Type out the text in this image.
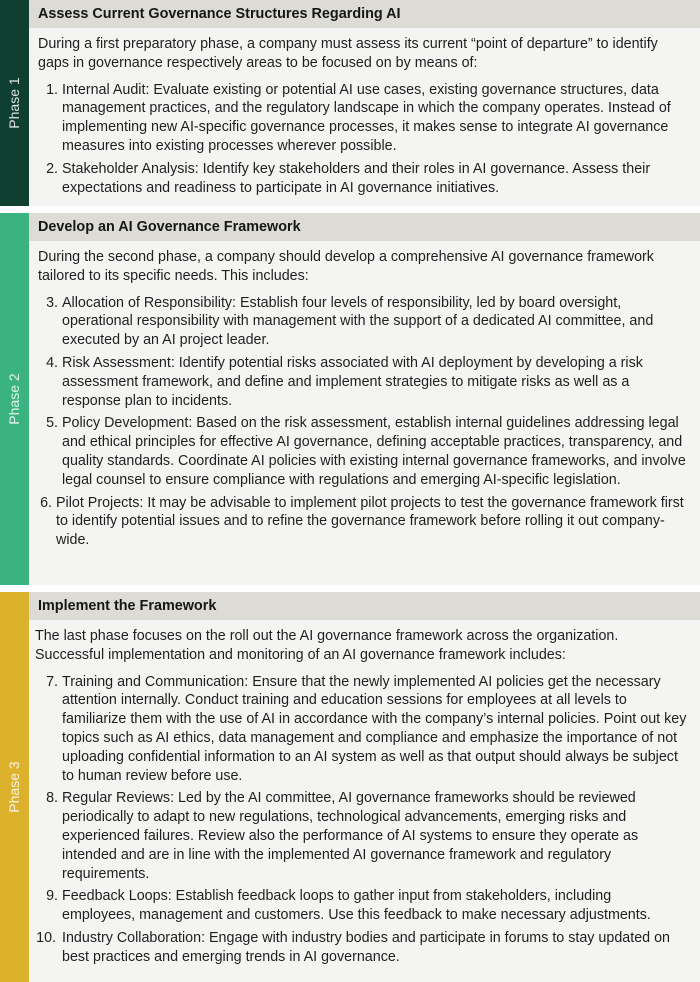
Phase 1
Assess Current Governance Structures Regarding AI

During a first preparatory phase, a company must assess its current “point of departure” to identify gaps in governance respectively areas to be focused on by means of:

1. Internal Audit: Evaluate existing or potential AI use cases, existing governance structures, data management practices, and the regulatory landscape in which the company operates. Instead of implementing new AI-specific governance processes, it makes sense to integrate AI governance measures into existing processes wherever possible.
2. Stakeholder Analysis: Identify key stakeholders and their roles in AI governance. Assess their expectations and readiness to participate in AI governance initiatives.
Phase 2
Develop an AI Governance Framework

During the second phase, a company should develop a comprehensive AI governance framework tailored to its specific needs. This includes:

3. Allocation of Responsibility: Establish four levels of responsibility, led by board oversight, operational responsibility with management with the support of a dedicated AI committee, and executed by an AI project leader.
4. Risk Assessment: Identify potential risks associated with AI deployment by developing a risk assessment framework, and define and implement strategies to mitigate risks as well as a response plan to incidents.
5. Policy Development: Based on the risk assessment, establish internal guidelines addressing legal and ethical principles for effective AI governance, defining acceptable practices, transparency, and quality standards. Coordinate AI policies with existing internal governance frameworks, and involve legal counsel to ensure compliance with regulations and emerging AI-specific legislation.
6. Pilot Projects: It may be advisable to implement pilot projects to test the governance framework first to identify potential issues and to refine the governance framework before rolling it out company-wide.
Phase 3
Implement the Framework

The last phase focuses on the roll out the AI governance framework across the organization. Successful implementation and monitoring of an AI governance framework includes:

7. Training and Communication: Ensure that the newly implemented AI policies get the necessary attention internally. Conduct training and education sessions for employees at all levels to familiarize them with the use of AI in accordance with the company’s internal policies. Point out key topics such as AI ethics, data management and compliance and emphasize the importance of not uploading confidential information to an AI system as well as that output should always be subject to human review before use.
8. Regular Reviews: Led by the AI committee, AI governance frameworks should be reviewed periodically to adapt to new regulations, technological advancements, emerging risks and experienced failures. Review also the performance of AI systems to ensure they operate as intended and are in line with the implemented AI governance framework and regulatory requirements.
9. Feedback Loops: Establish feedback loops to gather input from stakeholders, including employees, management and customers. Use this feedback to make necessary adjustments.
10. Industry Collaboration: Engage with industry bodies and participate in forums to stay updated on best practices and emerging trends in AI governance.
